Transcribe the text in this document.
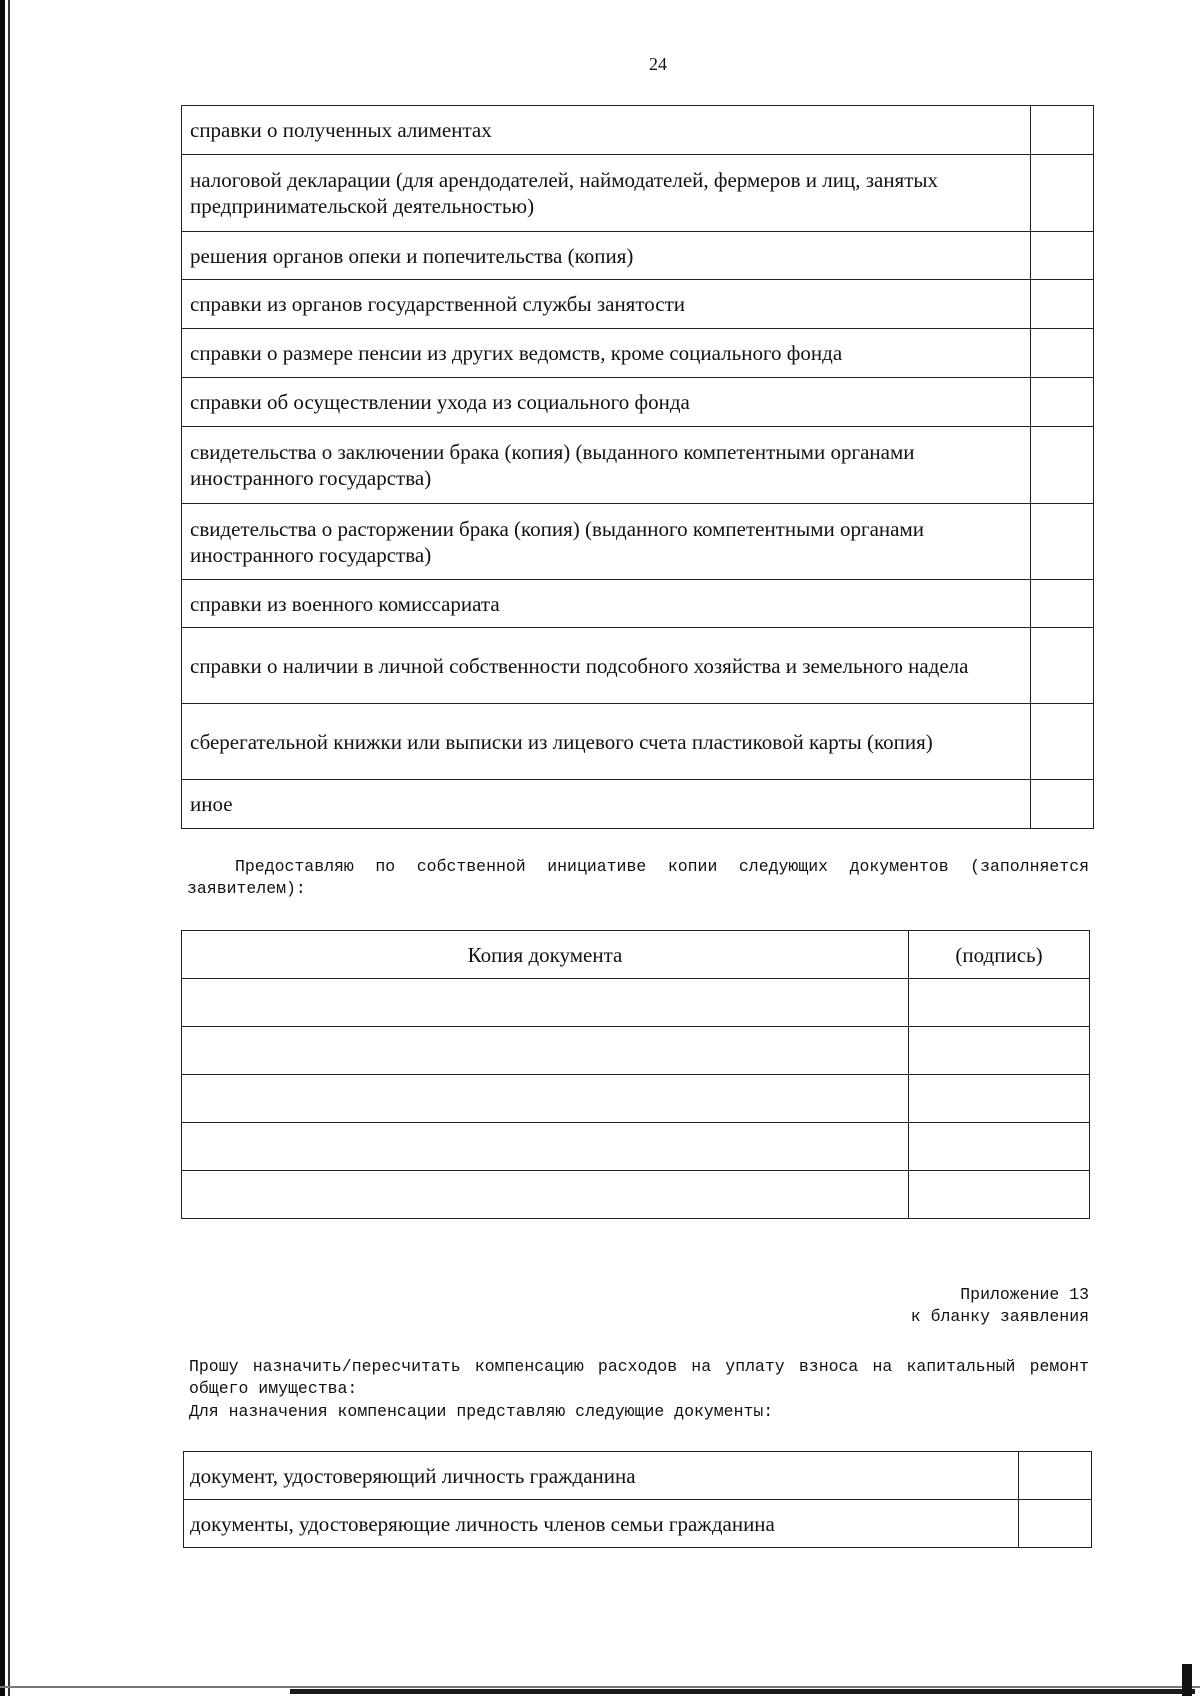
24
справки о полученных алиментах	
налоговой декларации (для арендодателей, наймодателей, фермеров и лиц, занятых предпринимательской деятельностью)	
решения органов опеки и попечительства (копия)	
справки из органов государственной службы занятости	
справки о размере пенсии из других ведомств, кроме социального фонда	
справки об осуществлении ухода из социального фонда	
свидетельства о заключении брака (копия) (выданного компетентными органами иностранного государства)	
свидетельства о расторжении брака (копия) (выданного компетентными органами иностранного государства)	
справки из военного комиссариата	
справки о наличии в личной собственности подсобного хозяйства и земельного надела	
сберегательной книжки или выписки из лицевого счета пластиковой карты (копия)	
иное	

Предоставляю по собственной инициативе копии следующих документов (заполняется заявителем):

Копия документа	(подпись)

Приложение 13
к бланку заявления

Прошу назначить/пересчитать компенсацию расходов на уплату взноса на капитальный ремонт общего имущества:

Для назначения компенсации представляю следующие документы:

документ, удостоверяющий личность гражданина	
документы, удостоверяющие личность членов семьи гражданина	
